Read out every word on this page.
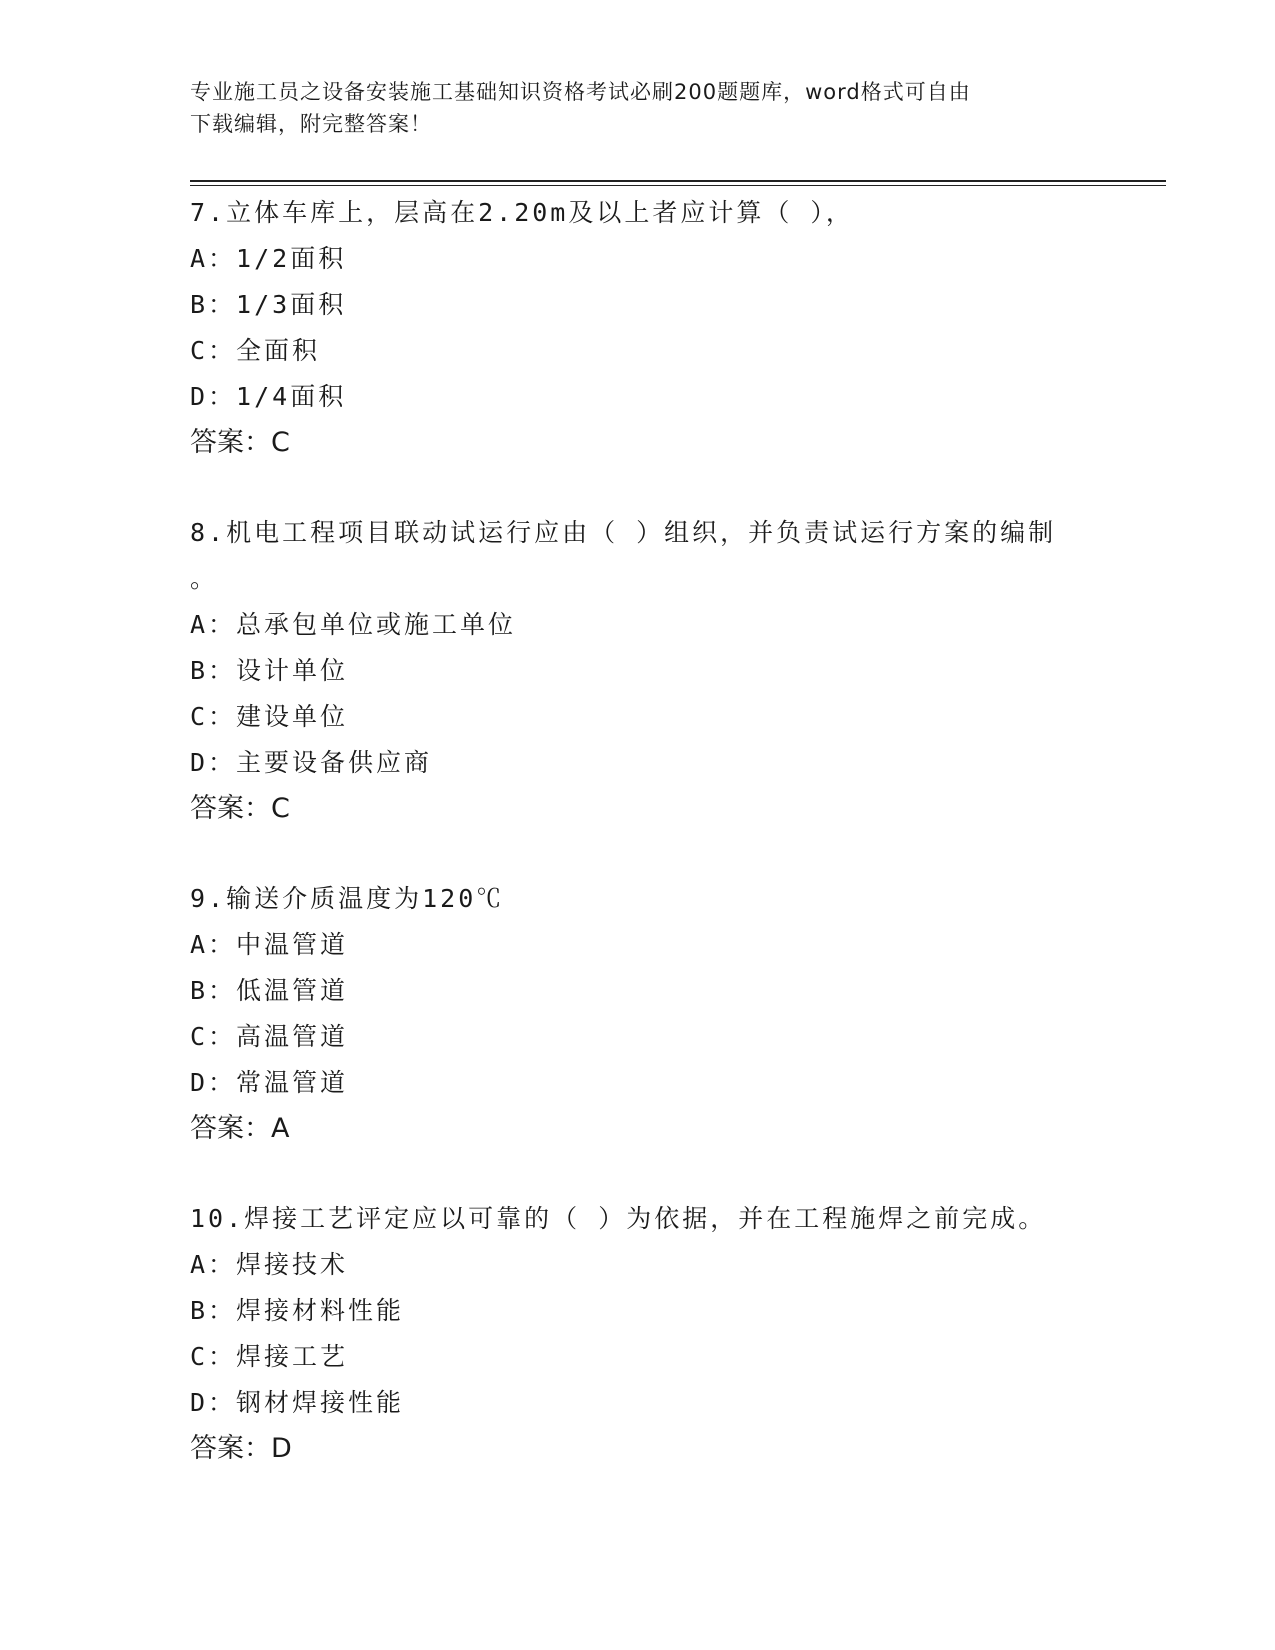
专业施工员之设备安装施工基础知识资格考试必刷200题题库，word格式可自由
下载编辑，附完整答案！

7.立体车库上，层高在2.20m及以上者应计算（ ），

A：1/2面积

B：1/3面积

C：全面积

D：1/4面积

答案：C

8.机电工程项目联动试运行应由（ ）组织，并负责试运行方案的编制
。

A：总承包单位或施工单位

B：设计单位

C：建设单位

D：主要设备供应商

答案：C

9.输送介质温度为120℃

A：中温管道

B：低温管道

C：高温管道

D：常温管道

答案：A

10.焊接工艺评定应以可靠的（ ）为依据，并在工程施焊之前完成。

A：焊接技术

B：焊接材料性能

C：焊接工艺

D：钢材焊接性能

答案：D
